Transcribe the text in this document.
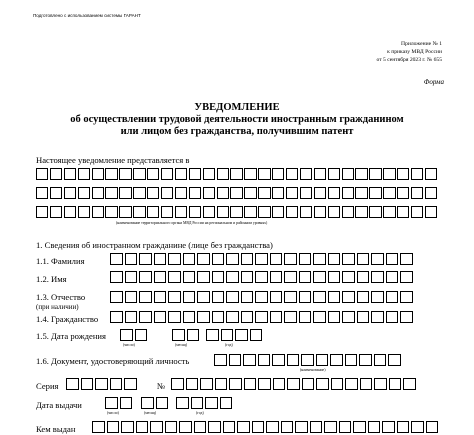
Подготовлено с использованием системы ГАРАНТ
Приложение № 1
к приказу МВД России
от 5 сентября 2023 г. № 655
Форма
УВЕДОМЛЕНИЕ
об осуществлении трудовой деятельности иностранным гражданином
или лицом без гражданства, получившим патент
Настоящее уведомление представляется в
(наименование территориального органа МВД России на региональном и районном уровнях)
1. Сведения об иностранном гражданине (лице без гражданства)
1.1. Фамилия
1.2. Имя
1.3. Отчество
(при наличии)
1.4. Гражданство
1.5. Дата рождения
(число)	(месяц)	(год)
1.6. Документ, удостоверяющий личность
(наименование)
Серия	№
Дата выдачи
(число)	(месяц)	(год)
Кем выдан
